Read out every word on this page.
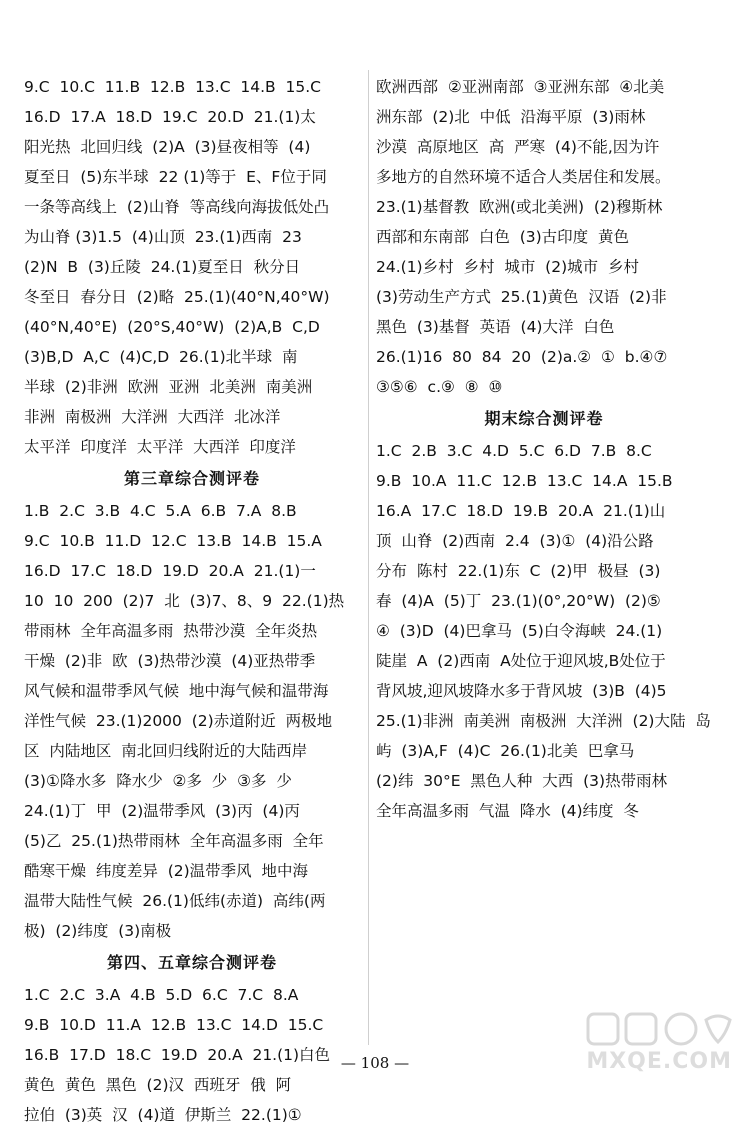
9.C  10.C  11.B  12.B  13.C  14.B  15.C
16.D  17.A  18.D  19.C  20.D  21.(1)太
阳光热  北回归线  (2)A  (3)昼夜相等  (4)
夏至日  (5)东半球  22 (1)等于  E、F位于同
一条等高线上  (2)山脊  等高线向海拔低处凸
为山脊 (3)1.5  (4)山顶  23.(1)西南  23
(2)N  B  (3)丘陵  24.(1)夏至日  秋分日
冬至日  春分日  (2)略  25.(1)(40°N,40°W)
(40°N,40°E)  (20°S,40°W)  (2)A,B  C,D
(3)B,D  A,C  (4)C,D  26.(1)北半球  南
半球  (2)非洲  欧洲  亚洲  北美洲  南美洲
非洲  南极洲  大洋洲  大西洋  北冰洋
太平洋  印度洋  太平洋  大西洋  印度洋
第三章综合测评卷
1.B  2.C  3.B  4.C  5.A  6.B  7.A  8.B
9.C  10.B  11.D  12.C  13.B  14.B  15.A
16.D  17.C  18.D  19.D  20.A  21.(1)一
10  10  200  (2)7  北  (3)7、8、9  22.(1)热
带雨林  全年高温多雨  热带沙漠  全年炎热
干燥  (2)非  欧  (3)热带沙漠  (4)亚热带季
风气候和温带季风气候  地中海气候和温带海
洋性气候  23.(1)2000  (2)赤道附近  两极地
区  内陆地区  南北回归线附近的大陆西岸
(3)①降水多  降水少  ②多  少  ③多  少
24.(1)丁  甲  (2)温带季风  (3)丙  (4)丙
(5)乙  25.(1)热带雨林  全年高温多雨  全年
酷寒干燥  纬度差异  (2)温带季风  地中海
温带大陆性气候  26.(1)低纬(赤道)  高纬(两
极)  (2)纬度  (3)南极
第四、五章综合测评卷
1.C  2.C  3.A  4.B  5.D  6.C  7.C  8.A
9.B  10.D  11.A  12.B  13.C  14.D  15.C
16.B  17.D  18.C  19.D  20.A  21.(1)白色
黄色  黄色  黑色  (2)汉  西班牙  俄  阿
拉伯  (3)英  汉  (4)道  伊斯兰  22.(1)①
欧洲西部  ②亚洲南部  ③亚洲东部  ④北美
洲东部  (2)北  中低  沿海平原  (3)雨林
沙漠  高原地区  高  严寒  (4)不能,因为许
多地方的自然环境不适合人类居住和发展。
23.(1)基督教  欧洲(或北美洲)  (2)穆斯林
西部和东南部  白色  (3)古印度  黄色
24.(1)乡村  乡村  城市  (2)城市  乡村
(3)劳动生产方式  25.(1)黄色  汉语  (2)非
黑色  (3)基督  英语  (4)大洋  白色
26.(1)16  80  84  20  (2)a.②  ①  b.④⑦
③⑤⑥  c.⑨  ⑧  ⑩
期末综合测评卷
1.C  2.B  3.C  4.D  5.C  6.D  7.B  8.C
9.B  10.A  11.C  12.B  13.C  14.A  15.B
16.A  17.C  18.D  19.B  20.A  21.(1)山
顶  山脊  (2)西南  2.4  (3)①  (4)沿公路
分布  陈村  22.(1)东  C  (2)甲  极昼  (3)
春  (4)A  (5)丁  23.(1)(0°,20°W)  (2)⑤
④  (3)D  (4)巴拿马  (5)白令海峡  24.(1)
陡崖  A  (2)西南  A处位于迎风坡,B处位于
背风坡,迎风坡降水多于背风坡  (3)B  (4)5
25.(1)非洲  南美洲  南极洲  大洋洲  (2)大陆  岛
屿  (3)A,F  (4)C  26.(1)北美  巴拿马
(2)纬  30°E  黑色人种  大西  (3)热带雨林
全年高温多雨  气温  降水  (4)纬度  冬
— 108 —	MXQE.COM
